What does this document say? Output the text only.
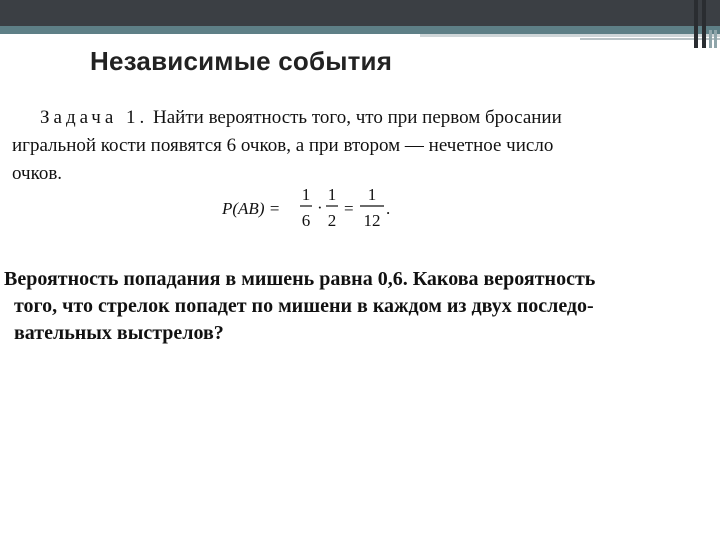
Независимые события

Задача 1. Найти вероятность того, что при первом бросании

игральной кости появятся 6 очков, а при втором — нечетное число

очков.

P(AB) =
1
6
·
1
2
=
1
12
.

Вероятность попадания в мишень равна 0,6. Какова вероятность

того, что стрелок попадет по мишени в каждом из двух последо-

вательных выстрелов?
